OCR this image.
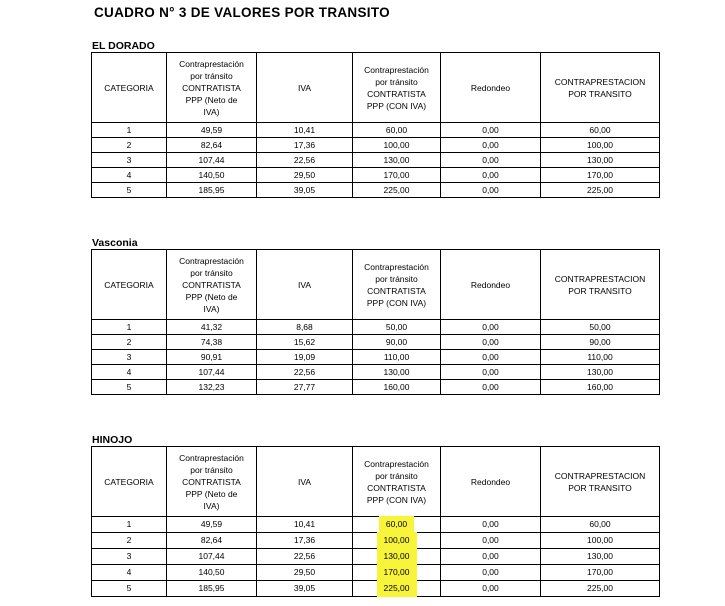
CUADRO N° 3 DE VALORES POR TRANSITO
EL DORADO
Vasconia
HINOJO
CATEGORIA	Contraprestación
por tránsito
CONTRATISTA
PPP (Neto de
IVA)	IVA	Contraprestación
por tránsito
CONTRATISTA
PPP (CON IVA)	Redondeo	CONTRAPRESTACION
POR TRANSITO
1	49,59	10,41	60,00	0,00	60,00
2	82,64	17,36	100,00	0,00	100,00
3	107,44	22,56	130,00	0,00	130,00
4	140,50	29,50	170,00	0,00	170,00
5	185,95	39,05	225,00	0,00	225,00
CATEGORIA	Contraprestación
por tránsito
CONTRATISTA
PPP (Neto de
IVA)	IVA	Contraprestación
por tránsito
CONTRATISTA
PPP (CON IVA)	Redondeo	CONTRAPRESTACION
POR TRANSITO
1	41,32	8,68	50,00	0,00	50,00
2	74,38	15,62	90,00	0,00	90,00
3	90,91	19,09	110,00	0,00	110,00
4	107,44	22,56	130,00	0,00	130,00
5	132,23	27,77	160,00	0,00	160,00
CATEGORIA	Contraprestación
por tránsito
CONTRATISTA
PPP (Neto de
IVA)	IVA	Contraprestación
por tránsito
CONTRATISTA
PPP (CON IVA)	Redondeo	CONTRAPRESTACION
POR TRANSITO
1	49,59	10,41	60,00	0,00	60,00
2	82,64	17,36	100,00	0,00	100,00
3	107,44	22,56	130,00	0,00	130,00
4	140,50	29,50	170,00	0,00	170,00
5	185,95	39,05	225,00	0,00	225,00
